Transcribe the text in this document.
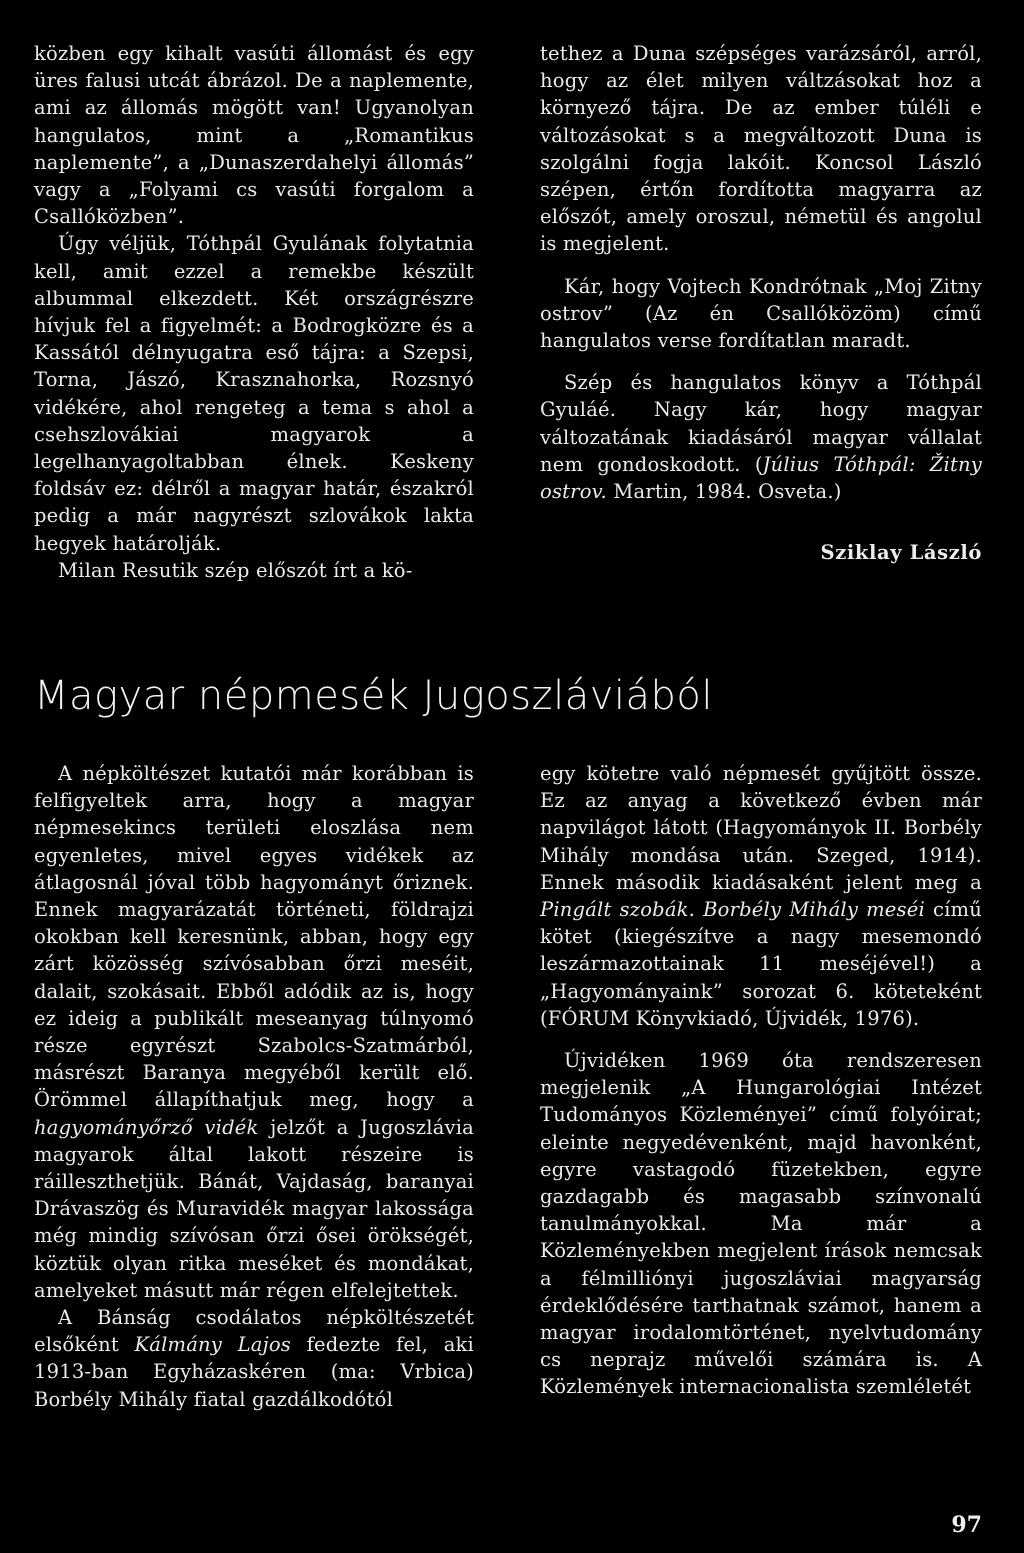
közben egy kihalt vasúti állomást és egy üres falusi utcát ábrázol. De a naplemente, ami az állomás mögött van! Ugyanolyan hangulatos, mint a „Romantikus naplemente”, a „Dunaszerdahelyi állomás” vagy a „Folyami cs vasúti forgalom a Csallóközben”.

Úgy véljük, Tóthpál Gyulának folytatnia kell, amit ezzel a remekbe készült albummal elkezdett. Két országrészre hívjuk fel a figyelmét: a Bodrogközre és a Kassától délnyugatra eső tájra: a Szepsi, Torna, Jászó, Krasznahorka, Rozsnyó vidékére, ahol rengeteg a tema s ahol a csehszlovákiai magyarok a legelhanyagoltabban élnek. Keskeny foldsáv ez: délről a magyar határ, északról pedig a már nagyrészt szlovákok lakta hegyek határolják.

Milan Resutik szép előszót írt a kö-

tethez a Duna szépséges varázsáról, arról, hogy az élet milyen váltzásokat hoz a környező tájra. De az ember túléli e változásokat s a megváltozott Duna is szolgálni fogja lakóit. Koncsol László szépen, értőn fordította magyarra az előszót, amely oroszul, németül és angolul is megjelent.

Kár, hogy Vojtech Kondrótnak „Moj Zitny ostrov” (Az én Csallóközöm) című hangulatos verse fordítatlan maradt.

Szép és hangulatos könyv a Tóthpál Gyuláé. Nagy kár, hogy magyar változatának kiadásáról magyar vállalat nem gondoskodott. (Július Tóthpál: Žitny ostrov. Martin, 1984. Osveta.)

Sziklay László

Magyar népmesék Jugoszláviából

A népköltészet kutatói már korábban is felfigyeltek arra, hogy a magyar népmesekincs területi eloszlása nem egyenletes, mivel egyes vidékek az átlagosnál jóval több hagyományt őriznek. Ennek magyarázatát történeti, földrajzi okokban kell keresnünk, abban, hogy egy zárt közösség szívósabban őrzi meséit, dalait, szokásait. Ebből adódik az is, hogy ez ideig a publikált meseanyag túlnyomó része egyrészt Szabolcs-Szatmárból, másrészt Baranya megyéből került elő. Örömmel állapíthatjuk meg, hogy a hagyományőrző vidék jelzőt a Jugoszlávia magyarok által lakott részeire is ráilleszthetjük. Bánát, Vajdaság, baranyai Drávaszög és Muravidék magyar lakossága még mindig szívósan őrzi ősei örökségét, köztük olyan ritka meséket és mondákat, amelyeket másutt már régen elfelejtettek.

A Bánság csodálatos népköltészetét elsőként Kálmány Lajos fedezte fel, aki 1913-ban Egyházaskéren (ma: Vrbica) Borbély Mihály fiatal gazdálkodótól

egy kötetre való népmesét gyűjtött össze. Ez az anyag a következő évben már napvilágot látott (Hagyományok II. Borbély Mihály mondása után. Szeged, 1914). Ennek második kiadásaként jelent meg a Pingált szobák. Borbély Mihály meséi című kötet (kiegészítve a nagy mesemondó leszármazottainak 11 meséjével!) a „Hagyományaink” sorozat 6. köteteként (FÓRUM Könyvkiadó, Újvidék, 1976).

Újvidéken 1969 óta rendszeresen megjelenik „A Hungarológiai Intézet Tudományos Közleményei” című folyóirat; eleinte negyedévenként, majd havonként, egyre vastagodó füzetekben, egyre gazdagabb és magasabb színvonalú tanulmányokkal. Ma már a Közleményekben megjelent írások nemcsak a félmilliónyi jugoszláviai magyarság érdeklődésére tarthatnak számot, hanem a magyar irodalomtörténet, nyelvtudomány cs neprajz művelői számára is. A Közlemények internacionalista szemléletét

97
